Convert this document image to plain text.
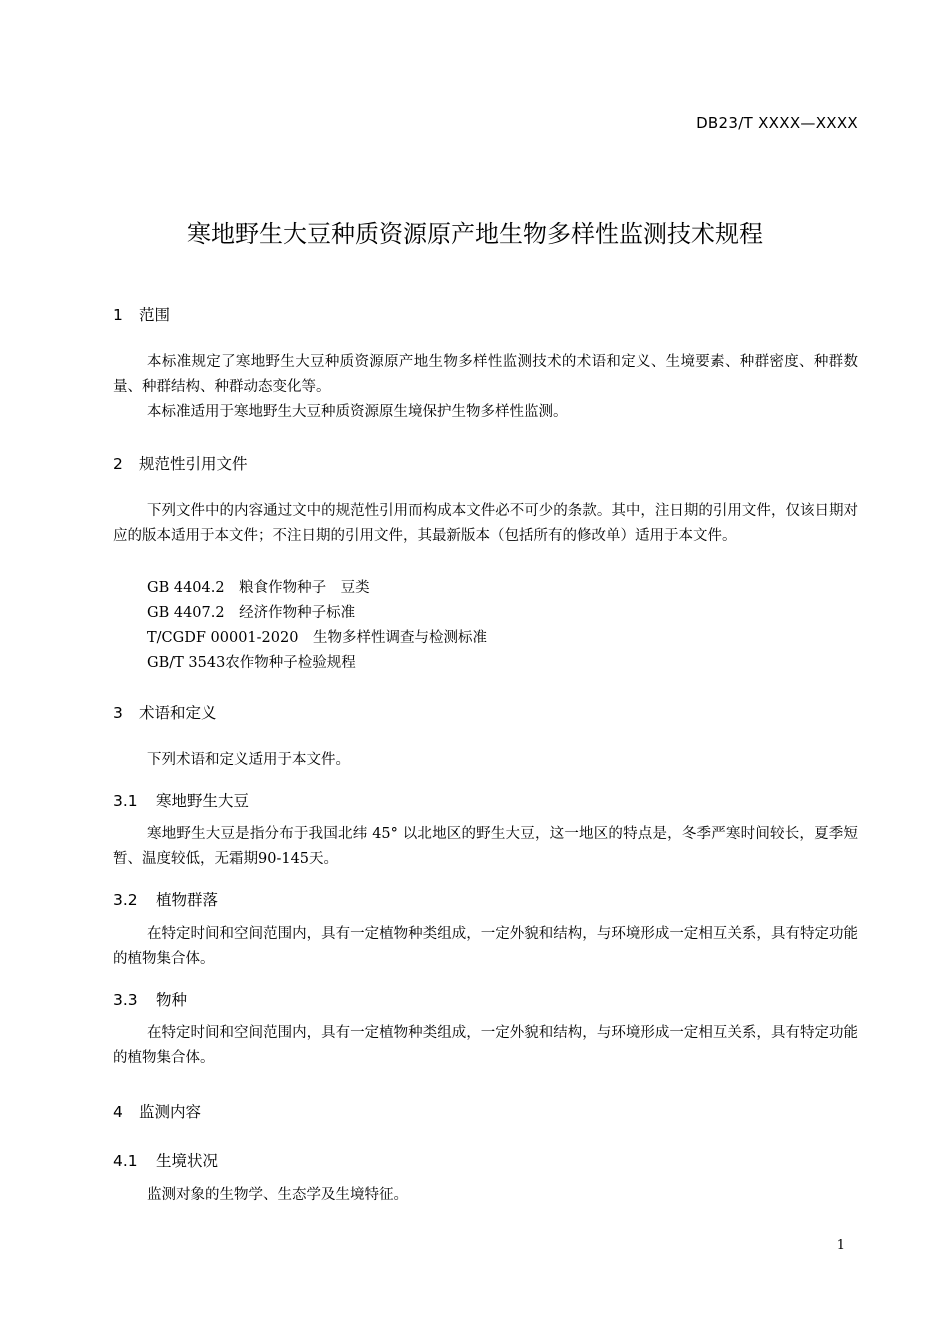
DB23/T XXXX—XXXX
寒地野生大豆种质资源原产地生物多样性监测技术规程
1 范围
本标准规定了寒地野生大豆种质资源原产地生物多样性监测技术的术语和定义、生境要素、种群密度、种群数量、种群结构、种群动态变化等。
本标准适用于寒地野生大豆种质资源原生境保护生物多样性监测。
2 规范性引用文件
下列文件中的内容通过文中的规范性引用而构成本文件必不可少的条款。其中，注日期的引用文件，仅该日期对应的版本适用于本文件；不注日期的引用文件，其最新版本（包括所有的修改单）适用于本文件。
GB 4404.2　粮食作物种子　豆类
GB 4407.2　经济作物种子标准
T/CGDF 00001-2020　生物多样性调查与检测标准
GB/T 3543农作物种子检验规程
3 术语和定义
下列术语和定义适用于本文件。
3.1 寒地野生大豆
寒地野生大豆是指分布于我国北纬 45° 以北地区的野生大豆，这一地区的特点是，冬季严寒时间较长，夏季短暂、温度较低，无霜期90-145天。
3.2 植物群落
在特定时间和空间范围内，具有一定植物种类组成，一定外貌和结构，与环境形成一定相互关系，具有特定功能的植物集合体。
3.3 物种
在特定时间和空间范围内，具有一定植物种类组成，一定外貌和结构，与环境形成一定相互关系，具有特定功能的植物集合体。
4 监测内容
4.1 生境状况
监测对象的生物学、生态学及生境特征。
1
